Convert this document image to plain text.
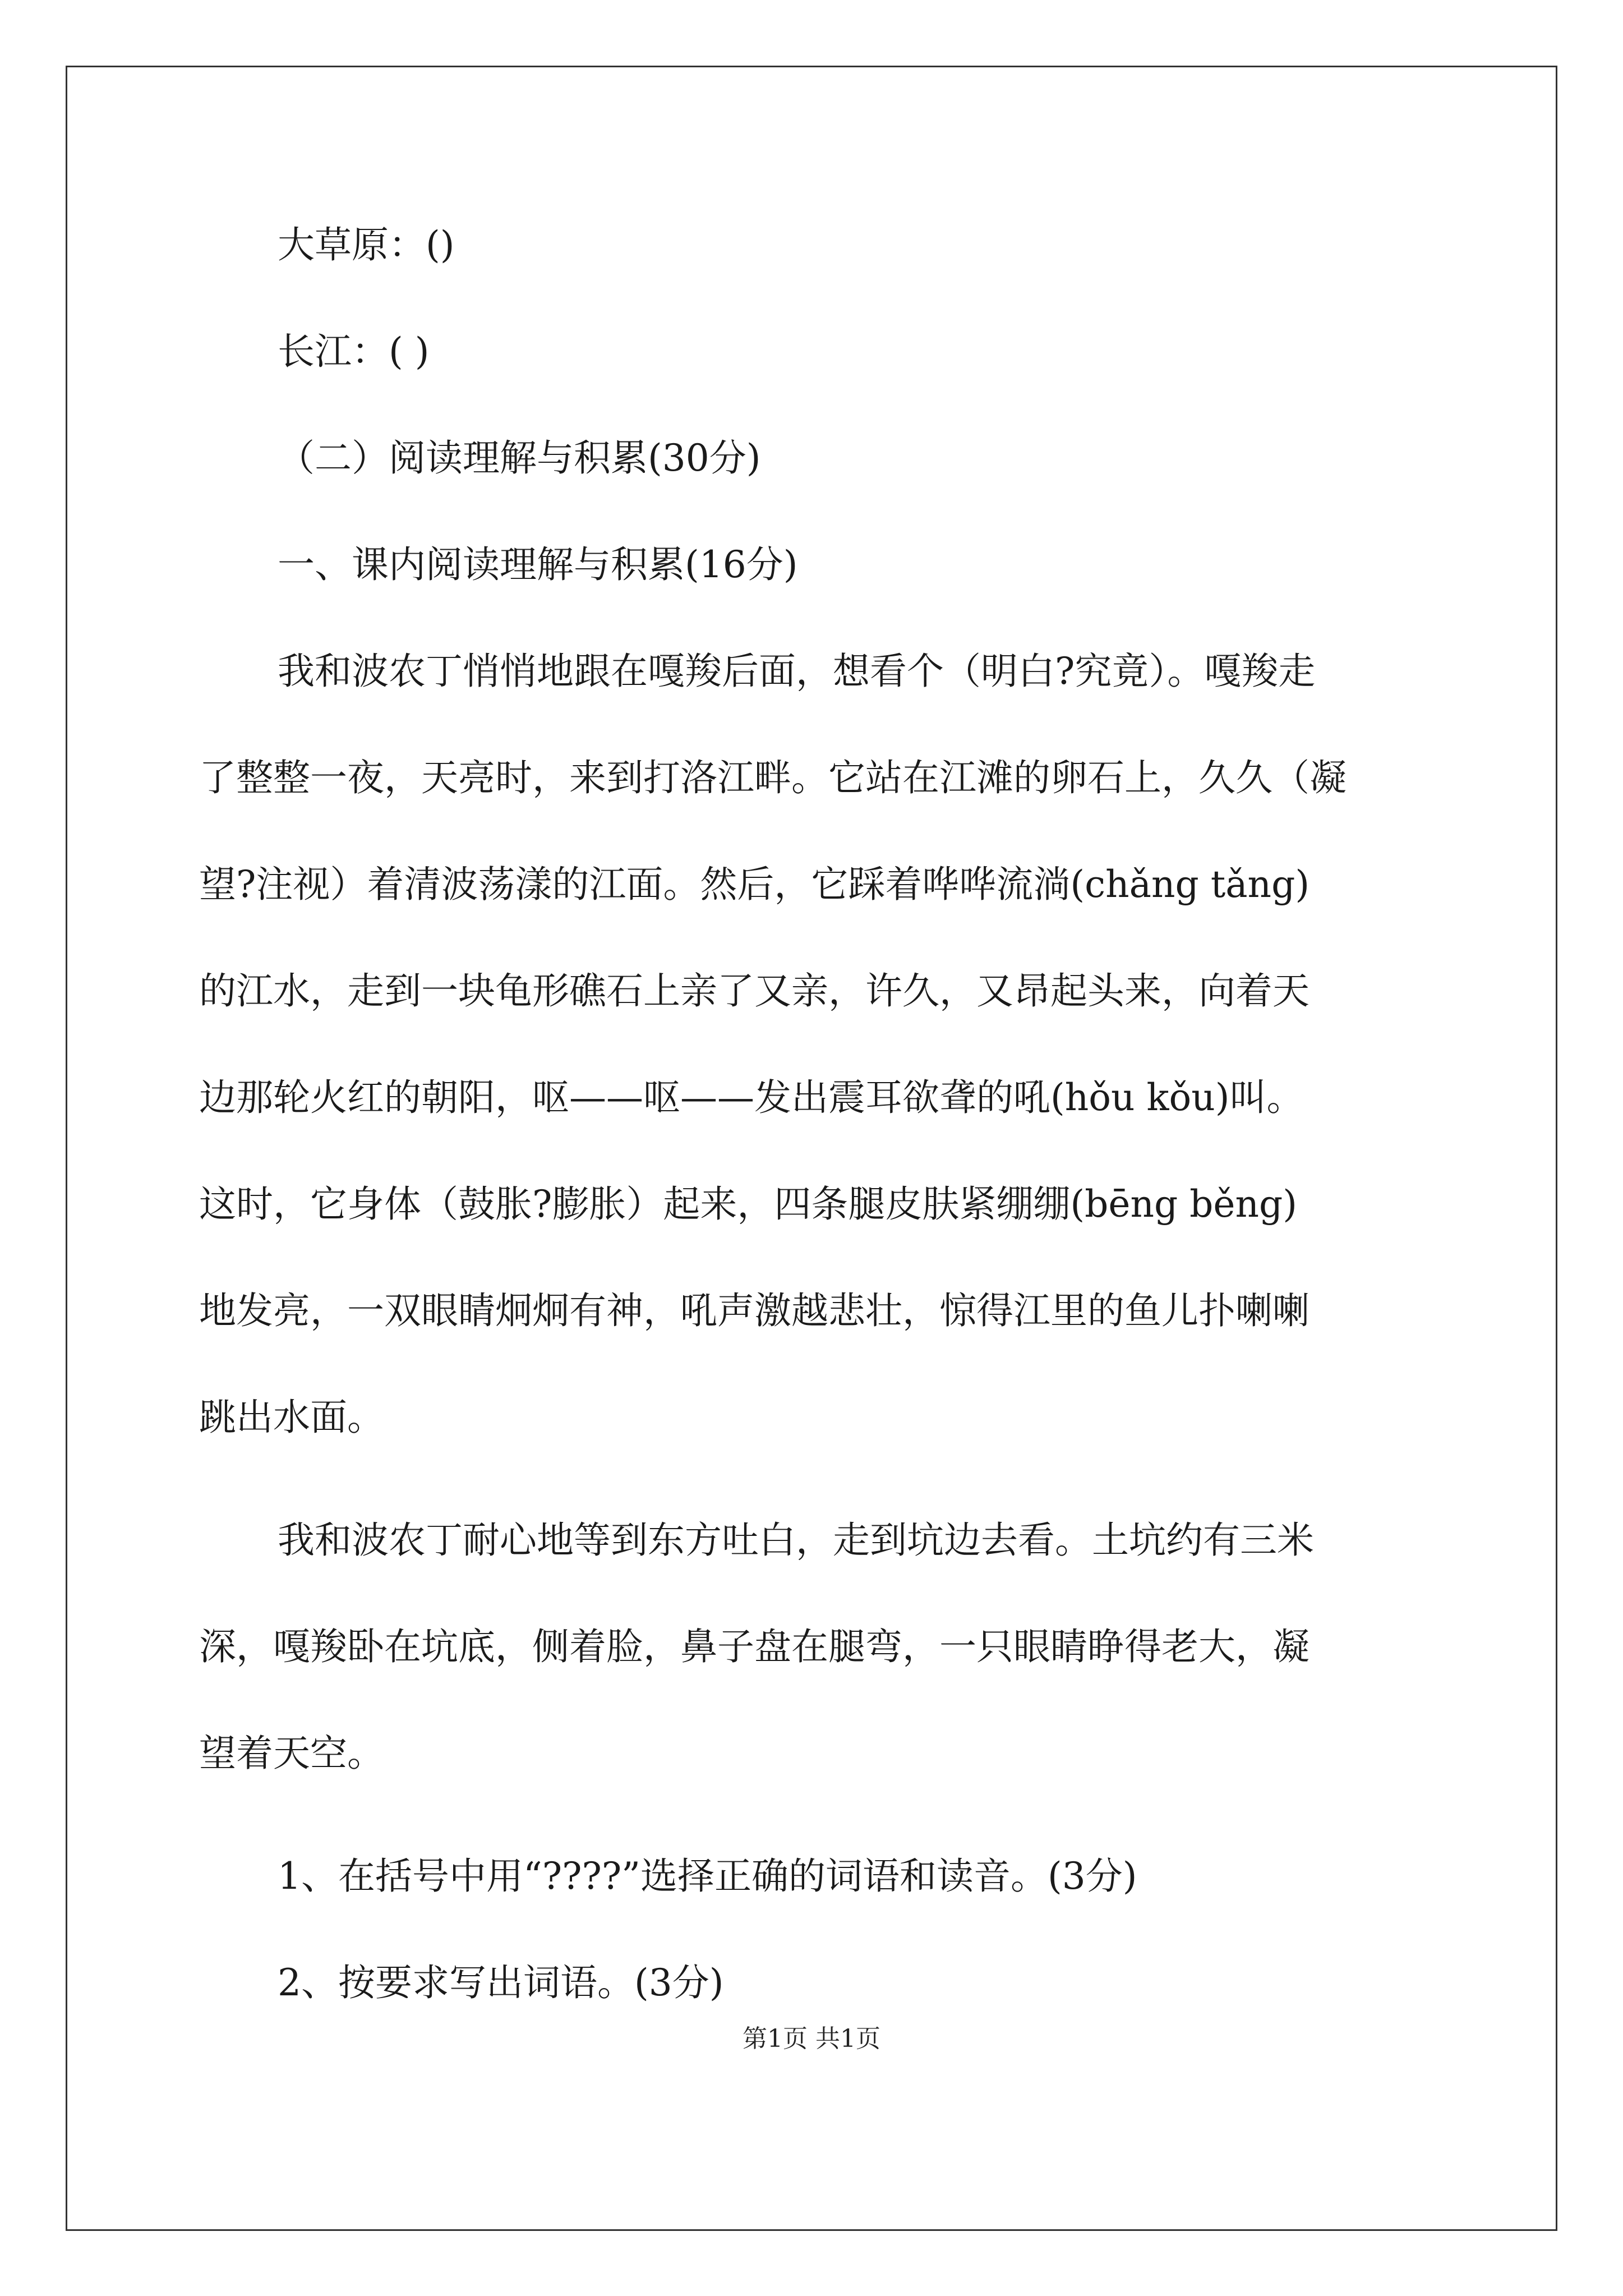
大草原：()

长江：( )

（二）阅读理解与积累(30分)

一、课内阅读理解与积累(16分)

我和波农丁悄悄地跟在嘎羧后面，想看个（明白?究竟）。嘎羧走

了整整一夜，天亮时，来到打洛江畔。它站在江滩的卵石上，久久（凝

望?注视）着清波荡漾的江面。然后，它踩着哗哗流淌(chǎng tǎng)

的江水，走到一块龟形礁石上亲了又亲，许久，又昂起头来，向着天

边那轮火红的朝阳，呕——呕——发出震耳欲聋的吼(hǒu kǒu)叫。

这时，它身体（鼓胀?膨胀）起来，四条腿皮肤紧绷绷(bēng běng)

地发亮，一双眼睛炯炯有神，吼声激越悲壮，惊得江里的鱼儿扑喇喇

跳出水面。

我和波农丁耐心地等到东方吐白，走到坑边去看。土坑约有三米

深，嘎羧卧在坑底，侧着脸，鼻子盘在腿弯，一只眼睛睁得老大，凝

望着天空。

1、在括号中用“????”选择正确的词语和读音。(3分)

2、按要求写出词语。(3分)

第1页 共1页
